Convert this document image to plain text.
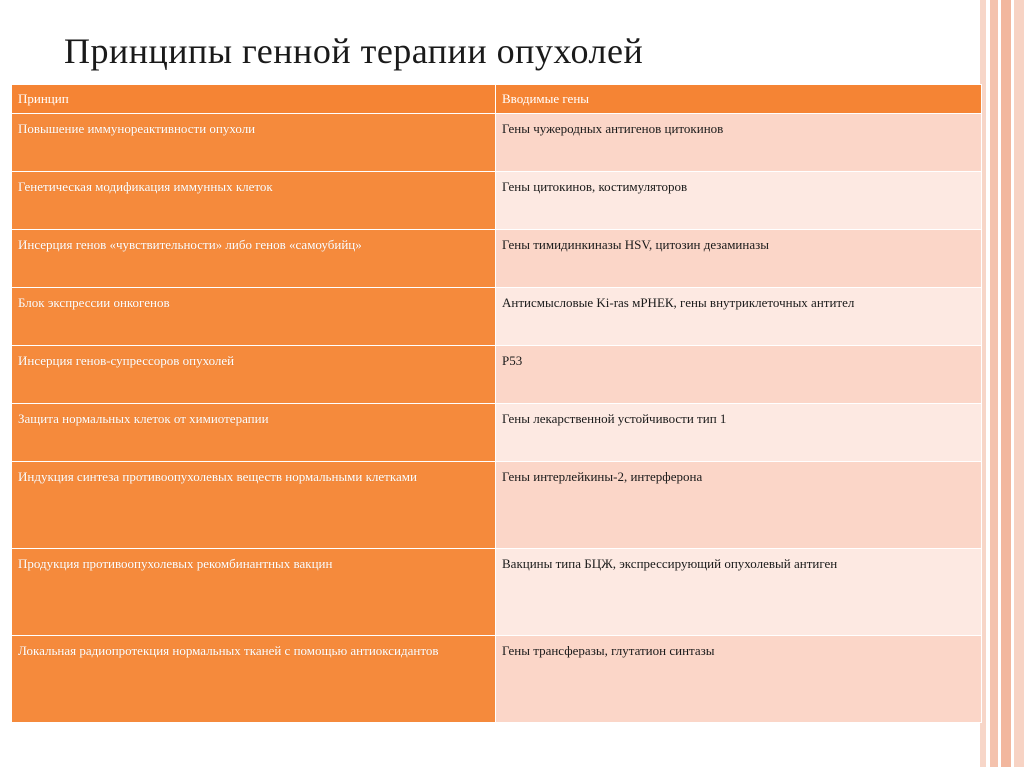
Принципы генной терапии опухолей
Принцип	Вводимые гены
Повышение иммунореактивности опухоли	Гены чужеродных антигенов цитокинов
Генетическая модификация иммунных клеток	Гены цитокинов, костимуляторов
Инсерция генов «чувствительности» либо генов «самоубийц»	Гены тимидинкиназы HSV, цитозин дезаминазы
Блок экспрессии онкогенов	Антисмысловые Ki-ras мРНЕК, гены внутриклеточных антител
Инсерция генов-супрессоров опухолей	P53
Защита нормальных клеток от химиотерапии	Гены лекарственной устойчивости тип 1
Индукция синтеза противоопухолевых веществ нормальными клетками	Гены интерлейкины-2, интерферона
Продукция противоопухолевых рекомбинантных вакцин	Вакцины типа БЦЖ, экспрессирующий опухолевый антиген
Локальная радиопротекция нормальных тканей с помощью антиоксидантов	Гены трансферазы, глутатион синтазы
